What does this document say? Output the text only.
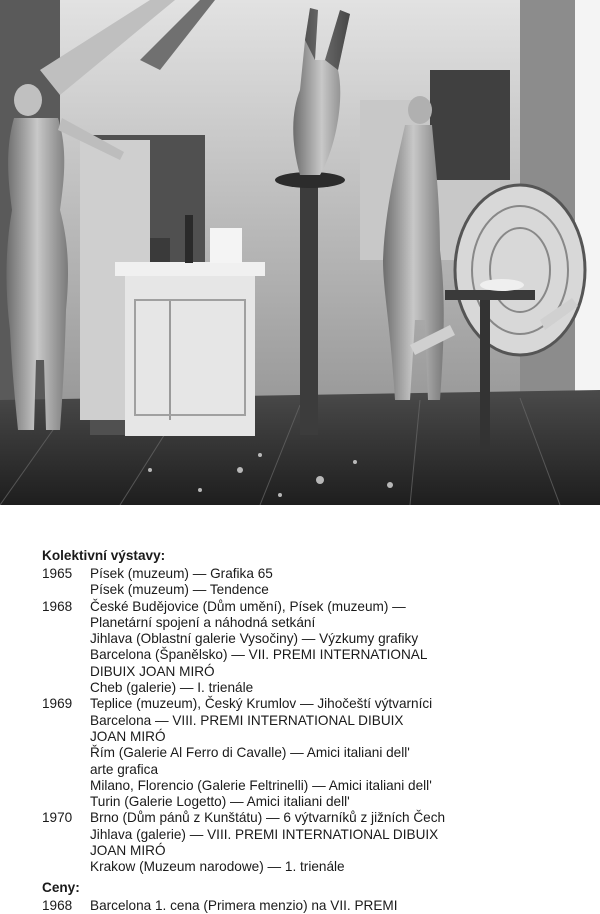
Kolektivní výstavy:
1965	Písek (muzeum) — Grafika 65
Písek (muzeum) — Tendence
1968	České Budějovice (Dům umění), Písek (muzeum) —
Planetární spojení a náhodná setkání
Jihlava (Oblastní galerie Vysočiny) — Výzkumy grafiky
Barcelona (Španělsko) — VII. PREMI INTERNATIONAL
DIBUIX JOAN MIRÓ
Cheb (galerie) — I. trienále
1969	Teplice (muzeum), Český Krumlov — Jihočeští výtvarníci
Barcelona — VIII. PREMI INTERNATIONAL DIBUIX
JOAN MIRÓ
Řím (Galerie Al Ferro di Cavalle) — Amici italiani dell'
arte grafica
Milano, Florencio (Galerie Feltrinelli) — Amici italiani dell'
Turin (Galerie Logetto) — Amici italiani dell'
1970	Brno (Dům pánů z Kunštátu) — 6 výtvarníků z jižních Čech
Jihlava (galerie) — VIII. PREMI INTERNATIONAL DIBUIX
JOAN MIRÓ
Krakow (Muzeum narodowe) — 1. trienále
Ceny:
1968	Barcelona 1. cena (Primera menzio) na VII. PREMI
